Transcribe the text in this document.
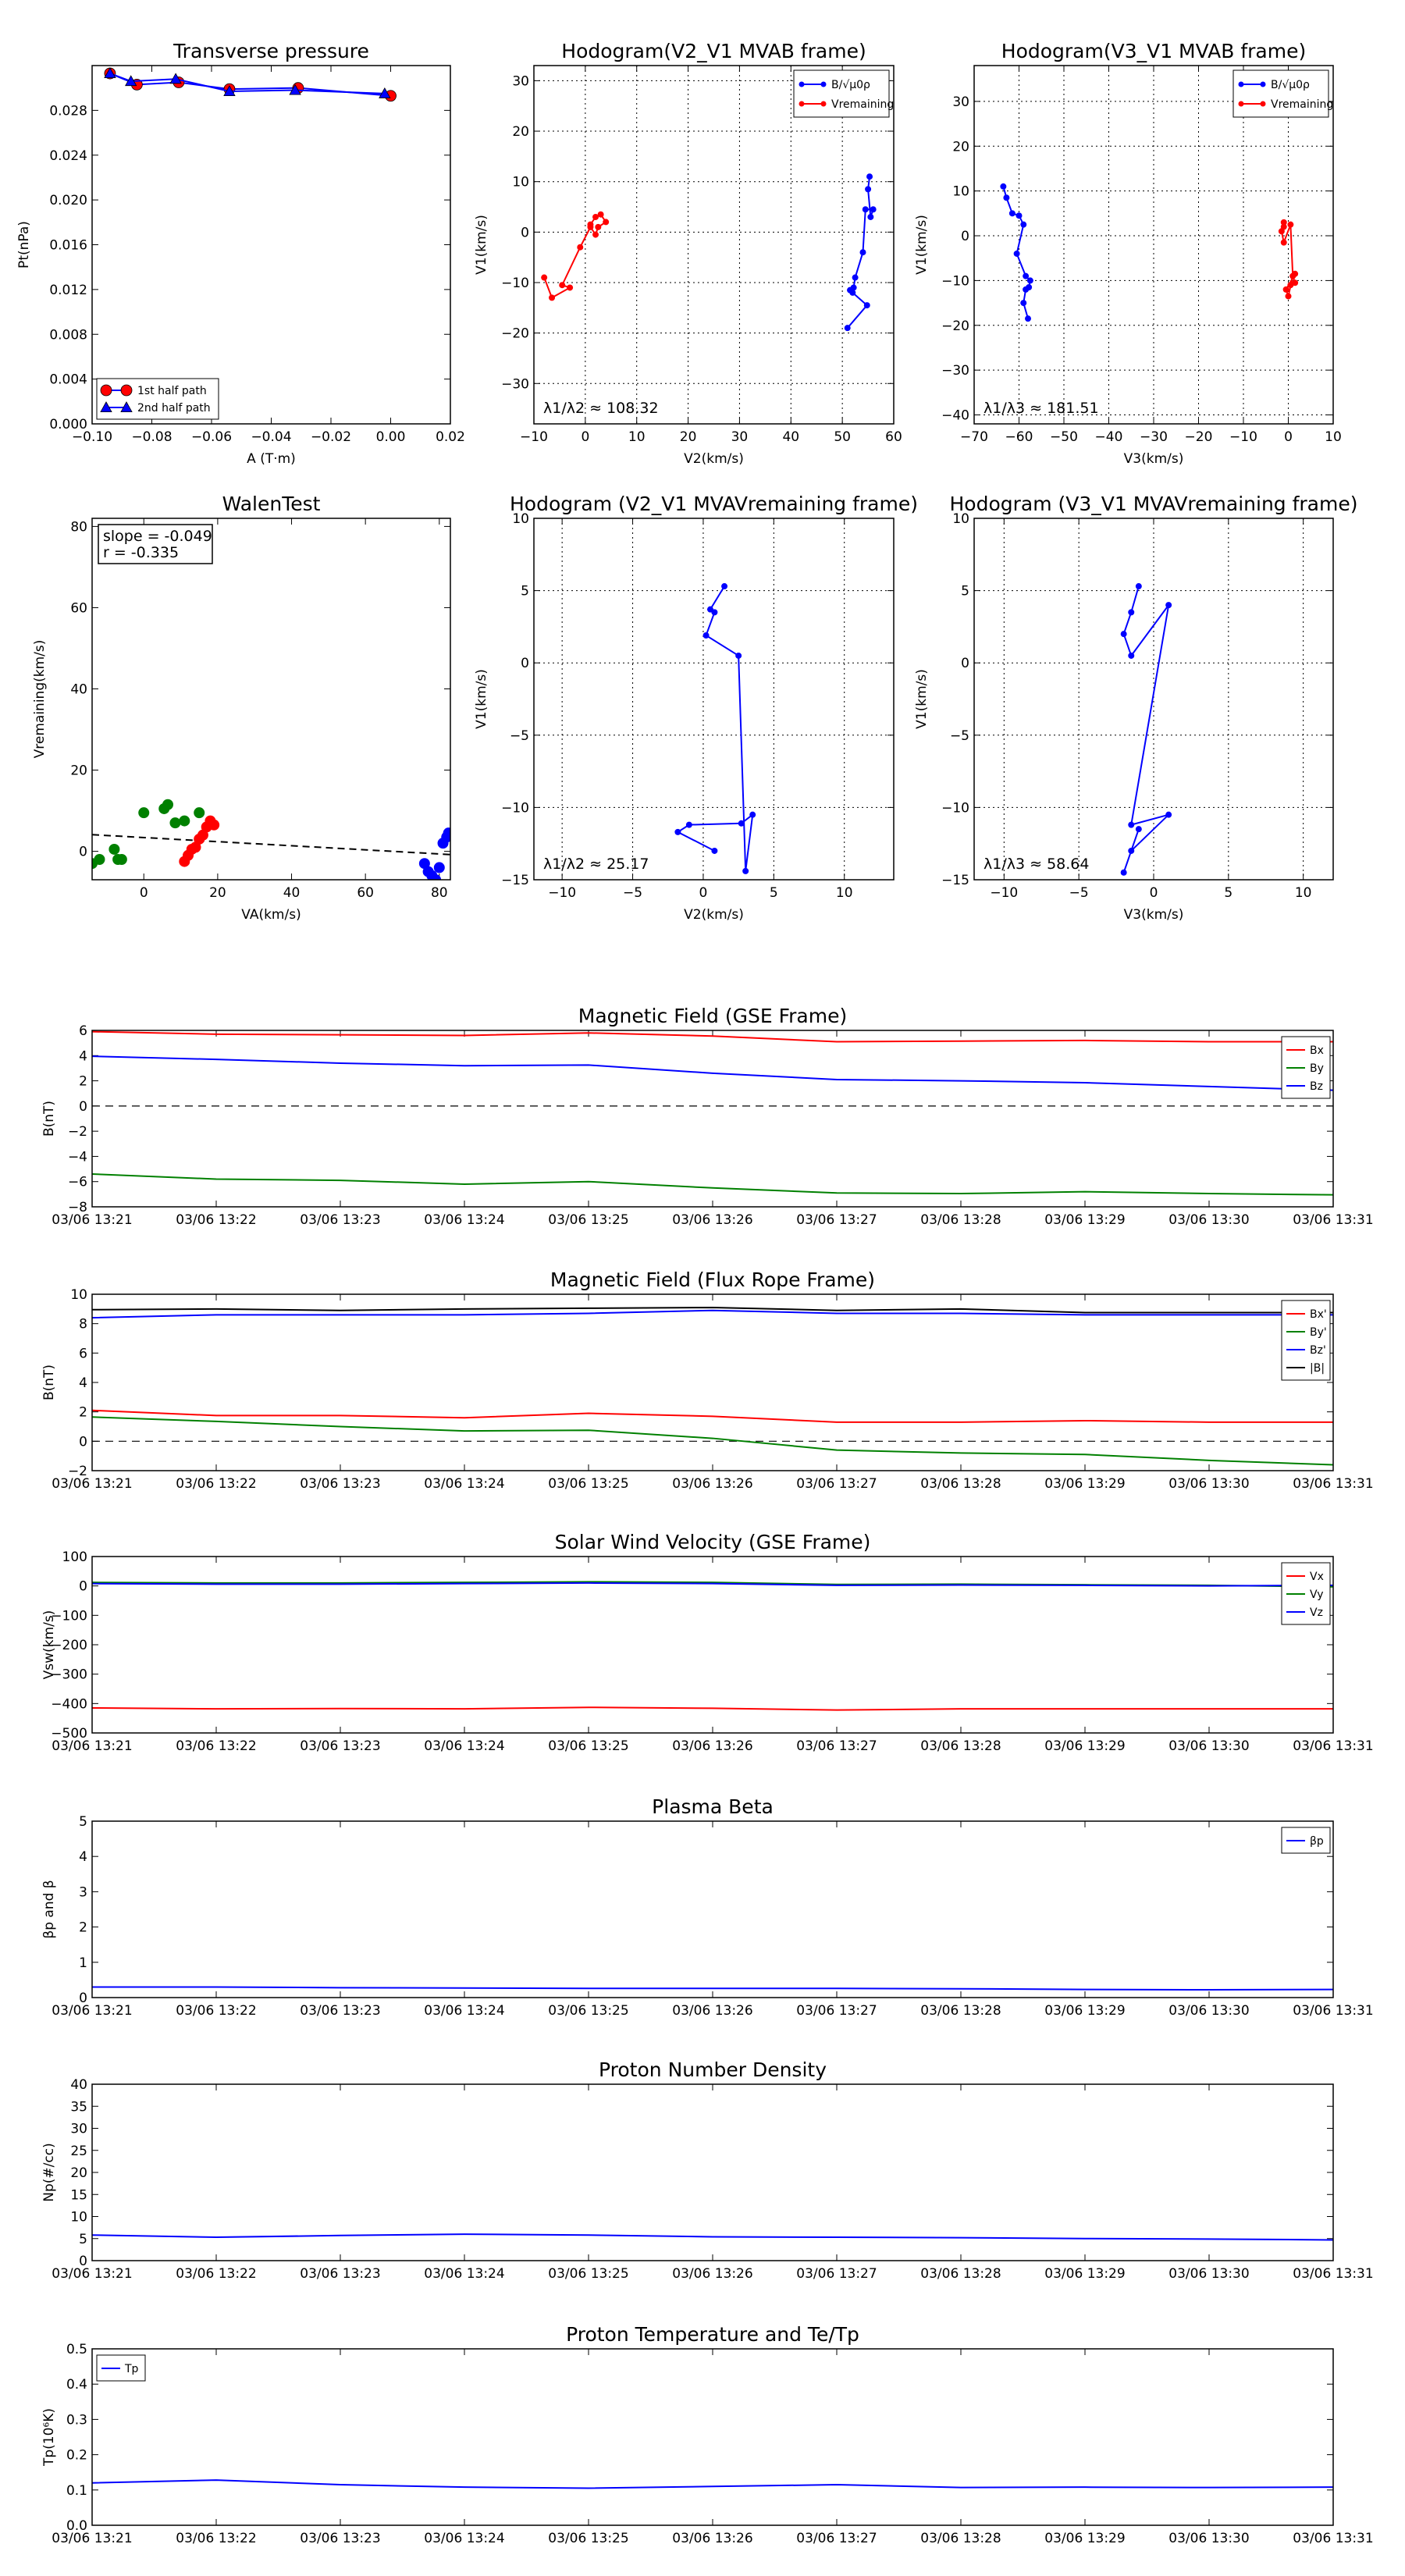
−0.10 −0.08 −0.06 −0.04 −0.02 0.00 0.02
0.000
0.004
0.008
0.012
0.016
0.020
0.024
0.028
Transverse pressure
A (T·m)
Pt(nPa)
1st half path
2nd half path
−10 0	10	20	30	40	50	60
−30
−20
−10
0
10
20
30
Hodogram(V2_V1 MVAB frame)
V2(km/s)
V1(km/s)
λ1/λ2 ≈ 108.32
B/√μ0ρ
Vremaining
−70 −60 −50 −40 −30 −20 −10 0 10
−40
−30
−20
−10
0
10
20
30
Hodogram(V3_V1 MVAB frame)
V3(km/s)
V1(km/s)
λ1/λ3 ≈ 181.51
B/√μ0ρ
Vremaining
0	20	40	60	80
0
20
40
60
80
WalenTest
VA(km/s)
Vremaining(km/s)
slope = -0.049
r = -0.335
−10	−5	0	5	10
−15
−10
−5
0
5
10
Hodogram (V2_V1 MVAVremaining frame)
V2(km/s)
V1(km/s)
λ1/λ2 ≈ 25.17
−10	−5	0	5	10
−15
−10
−5
0
5
10
Hodogram (V3_V1 MVAVremaining frame)
V3(km/s)
V1(km/s)
λ1/λ3 ≈ 58.64
03/06 13:21	03/06 13:22	03/06 13:23	03/06 13:24	03/06 13:25	03/06 13:26	03/06 13:27	03/06 13:28	03/06 13:29	03/06 13:30	03/06 13:31
−8
−6
−4
−2
0
2
4
6
Magnetic Field (GSE Frame)
B(nT)
Bx
By
Bz
03/06 13:21	03/06 13:22	03/06 13:23	03/06 13:24	03/06 13:25	03/06 13:26	03/06 13:27	03/06 13:28	03/06 13:29	03/06 13:30	03/06 13:31
−2
0
2
4
6
8
10
Magnetic Field (Flux Rope Frame)
B(nT)
Bx'
By'
Bz'
|B|
03/06 13:21	03/06 13:22	03/06 13:23	03/06 13:24	03/06 13:25	03/06 13:26	03/06 13:27	03/06 13:28	03/06 13:29	03/06 13:30	03/06 13:31
−500
−400
−300
−200
−100
0
100
Solar Wind Velocity (GSE Frame)
Vsw(km/s)
Vx
Vy
Vz
03/06 13:21	03/06 13:22	03/06 13:23	03/06 13:24	03/06 13:25	03/06 13:26	03/06 13:27	03/06 13:28	03/06 13:29	03/06 13:30	03/06 13:31
0
1
2
3
4
5
Plasma Beta
βp and β
βp
03/06 13:21	03/06 13:22	03/06 13:23	03/06 13:24	03/06 13:25	03/06 13:26	03/06 13:27	03/06 13:28	03/06 13:29	03/06 13:30	03/06 13:31
0
5
10
15
20
25
30
35
40
Proton Number Density
Np(#/cc)
03/06 13:21	03/06 13:22	03/06 13:23	03/06 13:24	03/06 13:25	03/06 13:26	03/06 13:27	03/06 13:28	03/06 13:29	03/06 13:30	03/06 13:31
0.0
0.1
0.2
0.3
0.4
0.5
Proton Temperature and Te/Tp
Tp(10⁶K)
Tp
